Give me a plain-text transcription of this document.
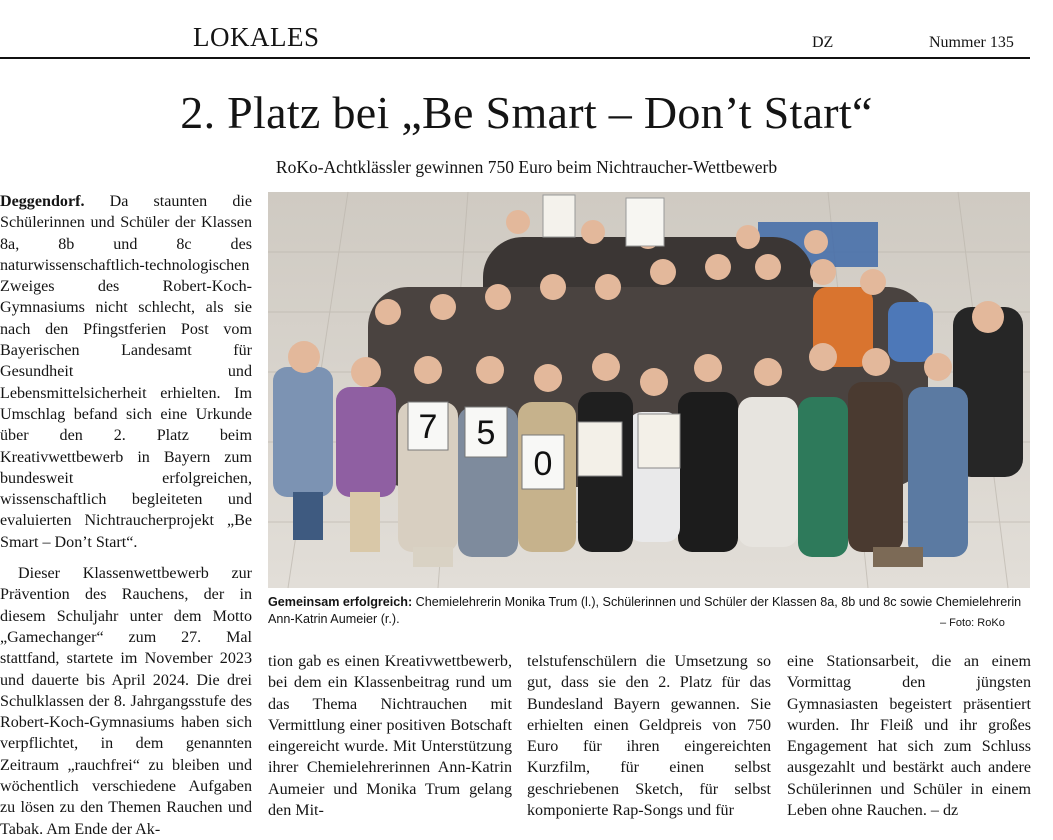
LOKALES	DZ	Nummer 135
2. Platz bei „Be Smart – Don’t Start“
RoKo-Achtklässler gewinnen 750 Euro beim Nichtraucher-Wettbewerb

Deggendorf. Da staunten die Schülerinnen und Schüler der Klassen 8a, 8b und 8c des naturwissenschaftlich-technologischen Zweiges des Robert-Koch-Gymnasiums nicht schlecht, als sie nach den Pfingstferien Post vom Bayerischen Landesamt für Gesundheit und Lebensmittelsicherheit erhielten. Im Umschlag befand sich eine Urkunde über den 2. Platz beim Kreativwettbewerb in Bayern zum bundesweit erfolgreichen, wissenschaftlich begleiteten und evaluierten Nichtraucherprojekt „Be Smart – Don’t Start“.

Dieser Klassenwettbewerb zur Prävention des Rauchens, der in diesem Schuljahr unter dem Motto „Gamechanger“ zum 27. Mal stattfand, startete im November 2023 und dauerte bis April 2024. Die drei Schulklassen der 8. Jahrgangsstufe des Robert-Koch-Gymnasiums haben sich verpflichtet, in dem genannten Zeitraum „rauchfrei“ zu bleiben und wöchentlich verschiedene Aufgaben zu lösen zu den Themen Rauchen und Tabak. Am Ende der Ak-

7 5
0
Gemeinsam erfolgreich: Chemielehrerin Monika Trum (l.), Schülerinnen und Schüler der Klassen 8a, 8b und 8c sowie Chemielehrerin Ann-Katrin Aumeier (r.).	– Foto: RoKo

tion gab es einen Kreativwettbewerb, bei dem ein Klassenbeitrag rund um das Thema Nichtrauchen mit Vermittlung einer positiven Botschaft eingereicht wurde. Mit Unterstützung ihrer Chemielehrerinnen Ann-Katrin Aumeier und Monika Trum gelang den Mit-

telstufenschülern die Umsetzung so gut, dass sie den 2. Platz für das Bundesland Bayern gewannen. Sie erhielten einen Geldpreis von 750 Euro für ihren eingereichten Kurzfilm, für einen selbst geschriebenen Sketch, für selbst komponierte Rap-Songs und für

eine Stationsarbeit, die an einem Vormittag den jüngsten Gymnasiasten begeistert präsentiert wurden. Ihr Fleiß und ihr großes Engagement hat sich zum Schluss ausgezahlt und bestärkt auch andere Schülerinnen und Schüler in einem Leben ohne Rauchen. – dz
